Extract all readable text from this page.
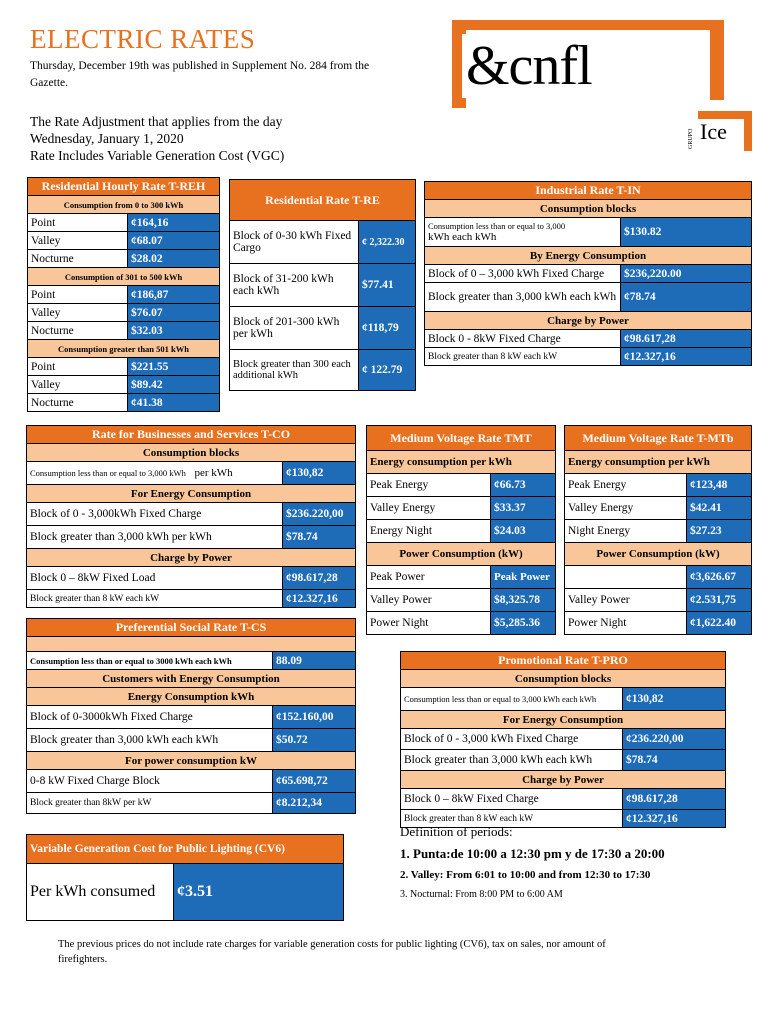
ELECTRIC RATES
Thursday, December 19th was published in Supplement No. 284 from the Gazette.
The Rate Adjustment that applies from the day
Wednesday, January 1, 2020
Rate Includes Variable Generation Cost (VGC)
&cnfl
GRUPO Ice
Residential Hourly Rate T-REH	
Consumption from 0 to 300 kWh	
Point	¢164,16
Valley	¢68.07
Nocturne	$28.02
Consumption of 301 to 500 kWh	
Point	¢186,87
Valley	$76.07
Nocturne	$32.03
Consumption greater than 501 kWh	
Point	$221.55
Valley	$89.42
Nocturne	¢41.38
Residential Rate T-RE	
Block of 0-30 kWh Fixed Cargo	¢ 2,322.30
Block of 31-200 kWh each kWh	$77.41
Block of 201-300 kWh per kWh	¢118,79
Block greater than 300 each additional kWh	¢ 122.79
Industrial Rate T-IN	
Consumption blocks	

Consumption less than or equal to 3,000
kWh each kWh	$130.82
By Energy Consumption	
Block of 0 – 3,000 kWh Fixed Charge	$236,220.00
Block greater than 3,000 kWh each kWh	¢78.74
Charge by Power	
Block 0 - 8kW Fixed Charge	¢98.617,28
Block greater than 8 kW each kW	¢12.327,16
Rate for Businesses and Services T-CO	
Consumption blocks	
Consumption less than or equal to 3,000 kWh per kWh	¢130,82
For Energy Consumption	
Block of 0 - 3,000kWh Fixed Charge	$236.220,00
Block greater than 3,000 kWh per kWh	$78.74
Charge by Power	
Block 0 – 8kW Fixed Load	¢98.617,28
Block greater than 8 kW each kW	¢12.327,16
Medium Voltage Rate TMT	
Energy consumption per kWh	
Peak Energy	¢66.73
Valley Energy	$33.37
Energy Night	$24.03
Power Consumption (kW)	
Peak Power	Peak Power
Valley Power	$8,325.78
Power Night	$5,285.36
Medium Voltage Rate T-MTb	
Energy consumption per kWh	
Peak Energy	¢123,48
Valley Energy	$42.41
Night Energy	$27.23
Power Consumption (kW)	
	¢3,626.67
Valley Power	¢2.531,75
Power Night	¢1,622.40
Preferential Social Rate T-CS	

Consumption less than or equal to 3000 kWh each kWh	88.09
Customers with Energy Consumption	
Energy Consumption kWh	
Block of 0-3000kWh Fixed Charge	¢152.160,00
Block greater than 3,000 kWh each kWh	$50.72
For power consumption kW	
0-8 kW Fixed Charge Block	¢65.698,72
Block greater than 8kW per kW	¢8.212,34
Promotional Rate T-PRO	
Consumption blocks	
Consumption less than or equal to 3,000 kWh each kWh	¢130,82
For Energy Consumption	
Block of 0 - 3,000 kWh Fixed Charge	¢236.220,00
Block greater than 3,000 kWh each kWh	$78.74
Charge by Power	
Block 0 – 8kW Fixed Charge	¢98.617,28
Block greater than 8 kW each kW	¢12.327,16
Variable Generation Cost for Public Lighting (CV6)
Per kWh consumed	¢3.51
Definition of periods:
1. Punta:de 10:00 a 12:30 pm y de 17:30 a 20:00
2. Valley: From 6:01 to 10:00 and from 12:30 to 17:30
3. Nocturnal: From 8:00 PM to 6:00 AM
The previous prices do not include rate charges for variable generation costs for public lighting (CV6), tax on sales, nor amount of firefighters.
